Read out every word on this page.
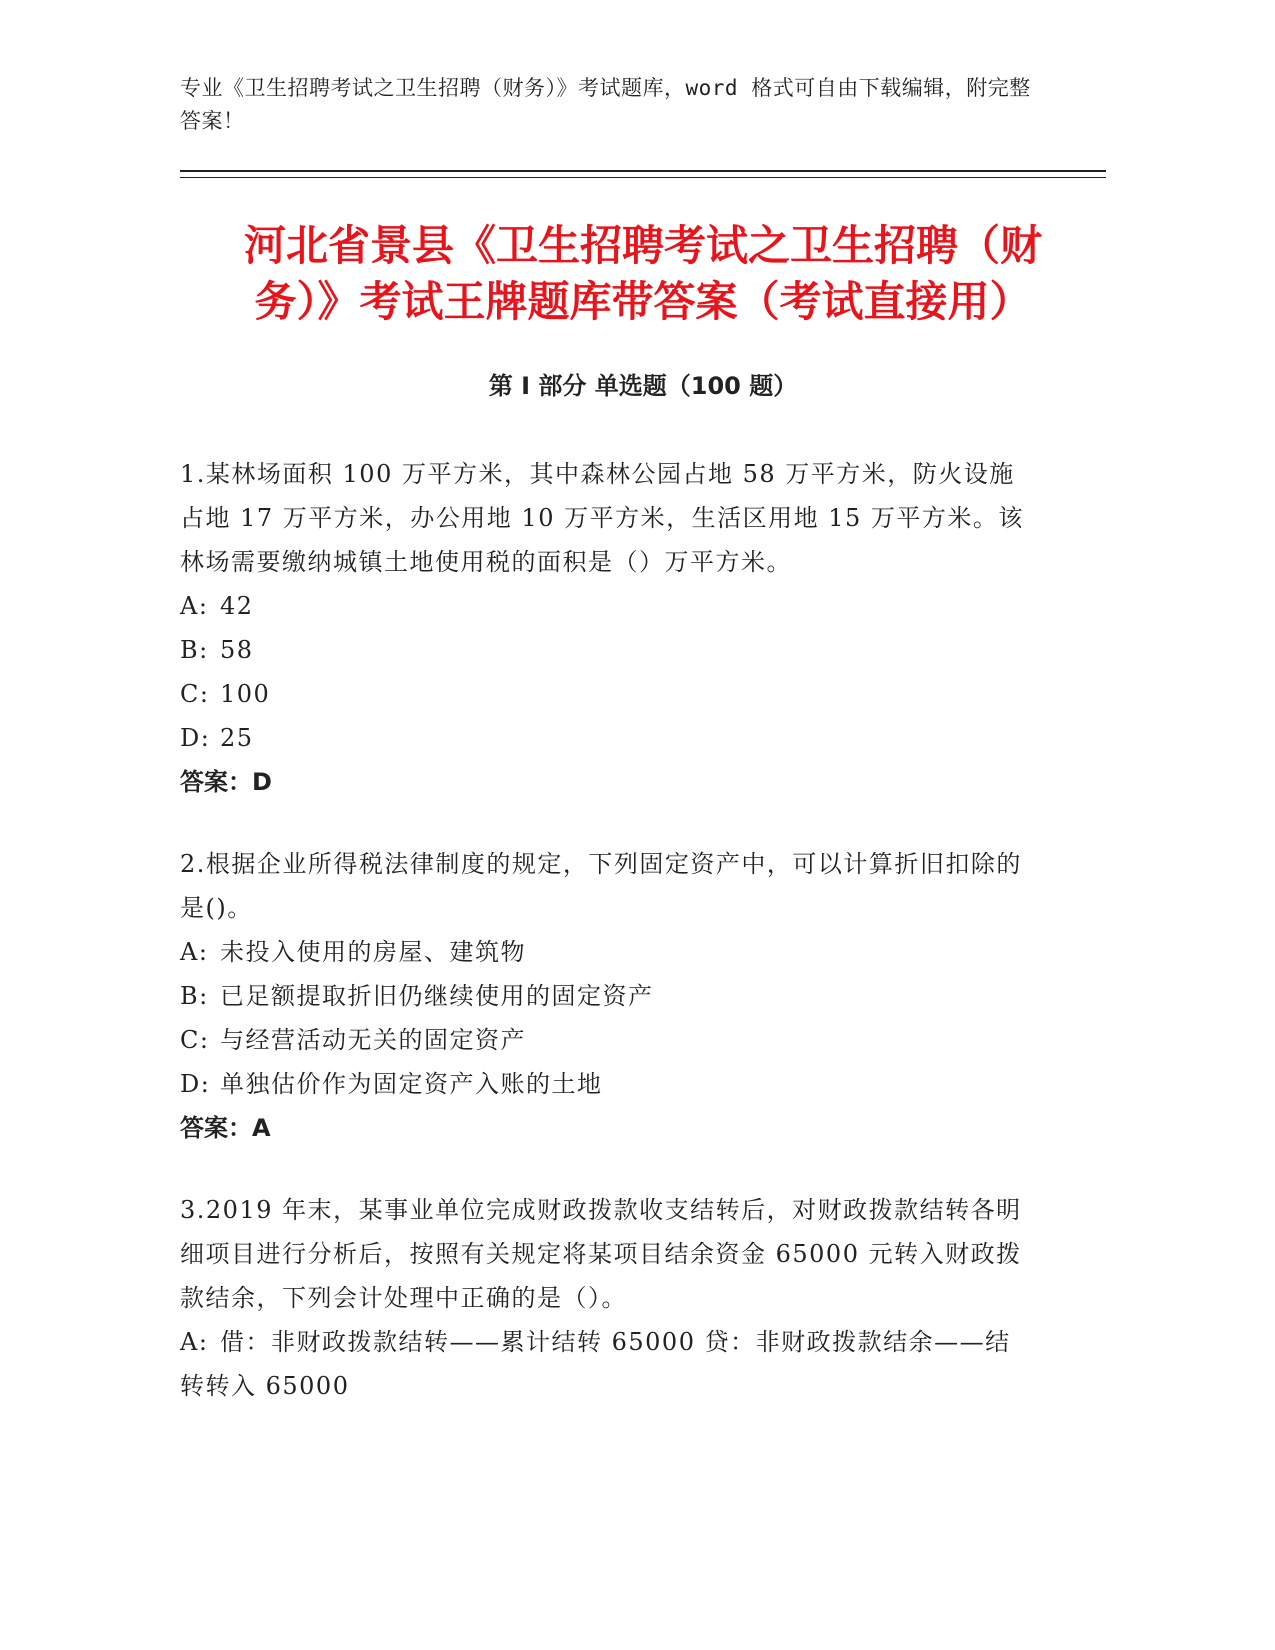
专业《卫生招聘考试之卫生招聘（财务）》考试题库，word 格式可自由下载编辑，附完整答案！
河北省景县《卫生招聘考试之卫生招聘（财
务）》考试王牌题库带答案（考试直接用）
第 I 部分 单选题（100 题）
1.某林场面积 100 万平方米，其中森林公园占地 58 万平方米，防火设施占地 17 万平方米，办公用地 10 万平方米，生活区用地 15 万平方米。该林场需要缴纳城镇土地使用税的面积是（）万平方米。
A: 42
B: 58
C: 100
D: 25
答案：D
2.根据企业所得税法律制度的规定，下列固定资产中，可以计算折旧扣除的是()。
A: 未投入使用的房屋、建筑物
B: 已足额提取折旧仍继续使用的固定资产
C: 与经营活动无关的固定资产
D: 单独估价作为固定资产入账的土地
答案：A
3.2019 年末，某事业单位完成财政拨款收支结转后，对财政拨款结转各明细项目进行分析后，按照有关规定将某项目结余资金 65000 元转入财政拨款结余，下列会计处理中正确的是（）。
A: 借：非财政拨款结转——累计结转 65000 贷：非财政拨款结余——结转转入 65000
